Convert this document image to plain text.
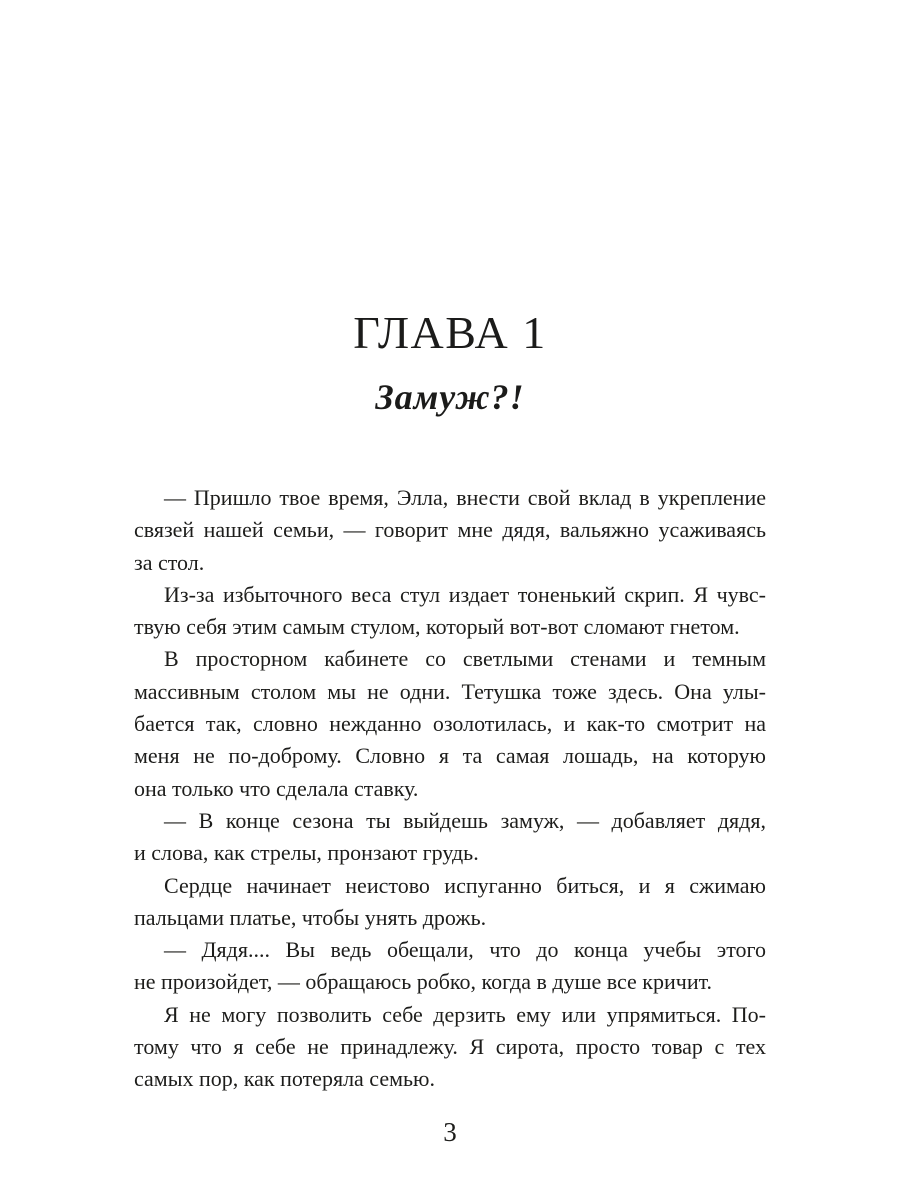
ГЛАВА 1
Замуж?!
— Пришло твое время, Элла, внести свой вклад в укрепление
связей нашей семьи, — говорит мне дядя, вальяжно усаживаясь
за стол.
Из-за избыточного веса стул издает тоненький скрип. Я чувс-
твую себя этим самым стулом, который вот-вот сломают гнетом.
В просторном кабинете со светлыми стенами и темным
массивным столом мы не одни. Тетушка тоже здесь. Она улы-
бается так, словно нежданно озолотилась, и как-то смотрит на
меня не по-доброму. Словно я та самая лошадь, на которую
она только что сделала ставку.
— В конце сезона ты выйдешь замуж, — добавляет дядя,
и слова, как стрелы, пронзают грудь.
Сердце начинает неистово испуганно биться, и я сжимаю
пальцами платье, чтобы унять дрожь.
— Дядя.... Вы ведь обещали, что до конца учебы этого
не произойдет, — обращаюсь робко, когда в душе все кричит.
Я не могу позволить себе дерзить ему или упрямиться. По-
тому что я себе не принадлежу. Я сирота, просто товар с тех
самых пор, как потеряла семью.
3
